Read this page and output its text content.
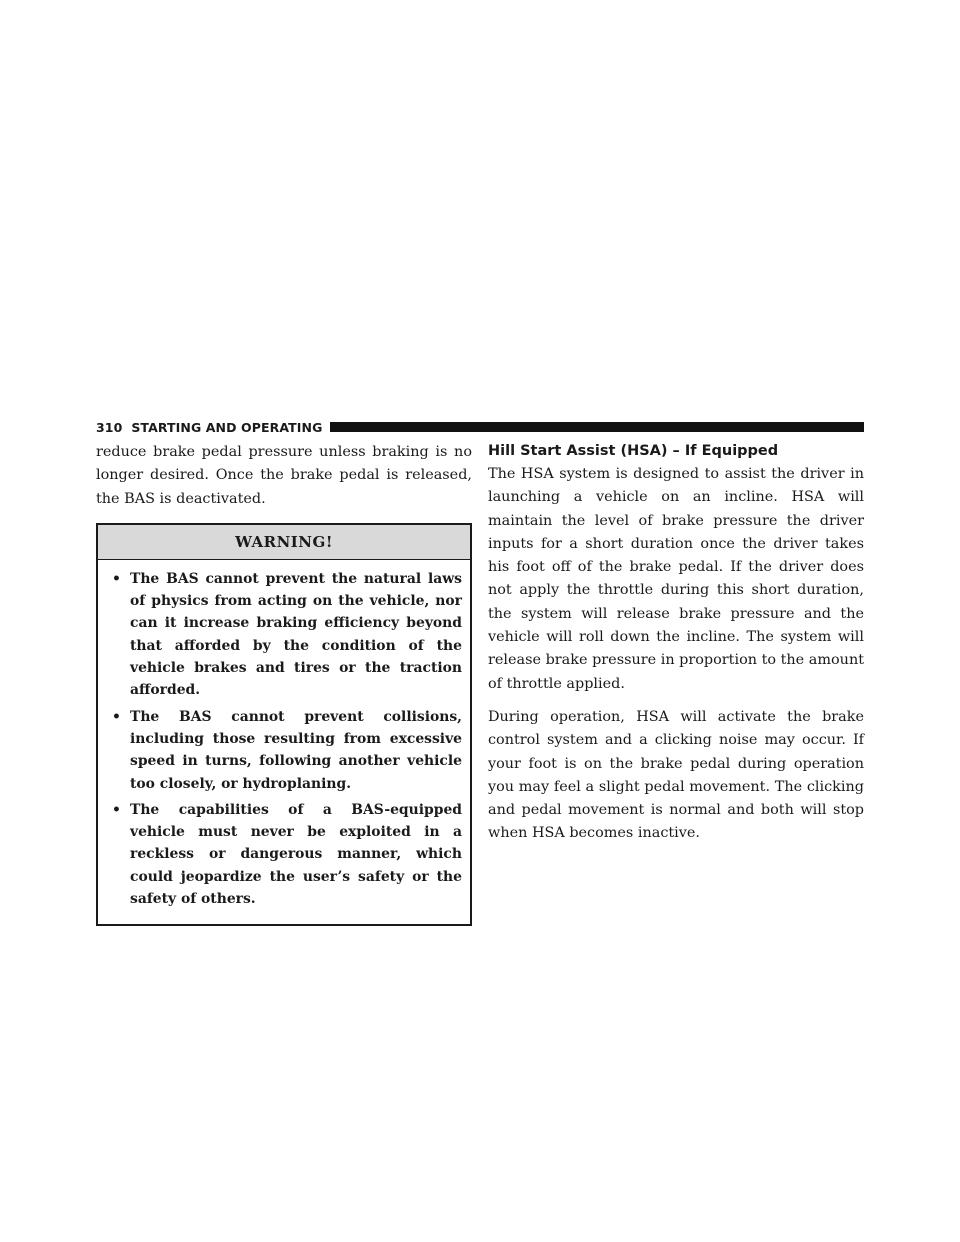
310 STARTING AND OPERATING

reduce brake pedal pressure unless braking is no longer desired. Once the brake pedal is released, the BAS is deactivated.

WARNING!
• The BAS cannot prevent the natural laws of physics from acting on the vehicle, nor can it increase braking efficiency beyond that afforded by the condition of the vehicle brakes and tires or the traction afforded.
• The BAS cannot prevent collisions, including those resulting from excessive speed in turns, following another vehicle too closely, or hydroplaning.
• The capabilities of a BAS-equipped vehicle must never be exploited in a reckless or dangerous manner, which could jeopardize the user’s safety or the safety of others.
Hill Start Assist (HSA) – If Equipped

The HSA system is designed to assist the driver in launching a vehicle on an incline. HSA will maintain the level of brake pressure the driver inputs for a short duration once the driver takes his foot off of the brake pedal. If the driver does not apply the throttle during this short duration, the system will release brake pressure and the vehicle will roll down the incline. The system will release brake pressure in proportion to the amount of throttle applied.

During operation, HSA will activate the brake control system and a clicking noise may occur. If your foot is on the brake pedal during operation you may feel a slight pedal movement. The clicking and pedal movement is normal and both will stop when HSA becomes inactive.
